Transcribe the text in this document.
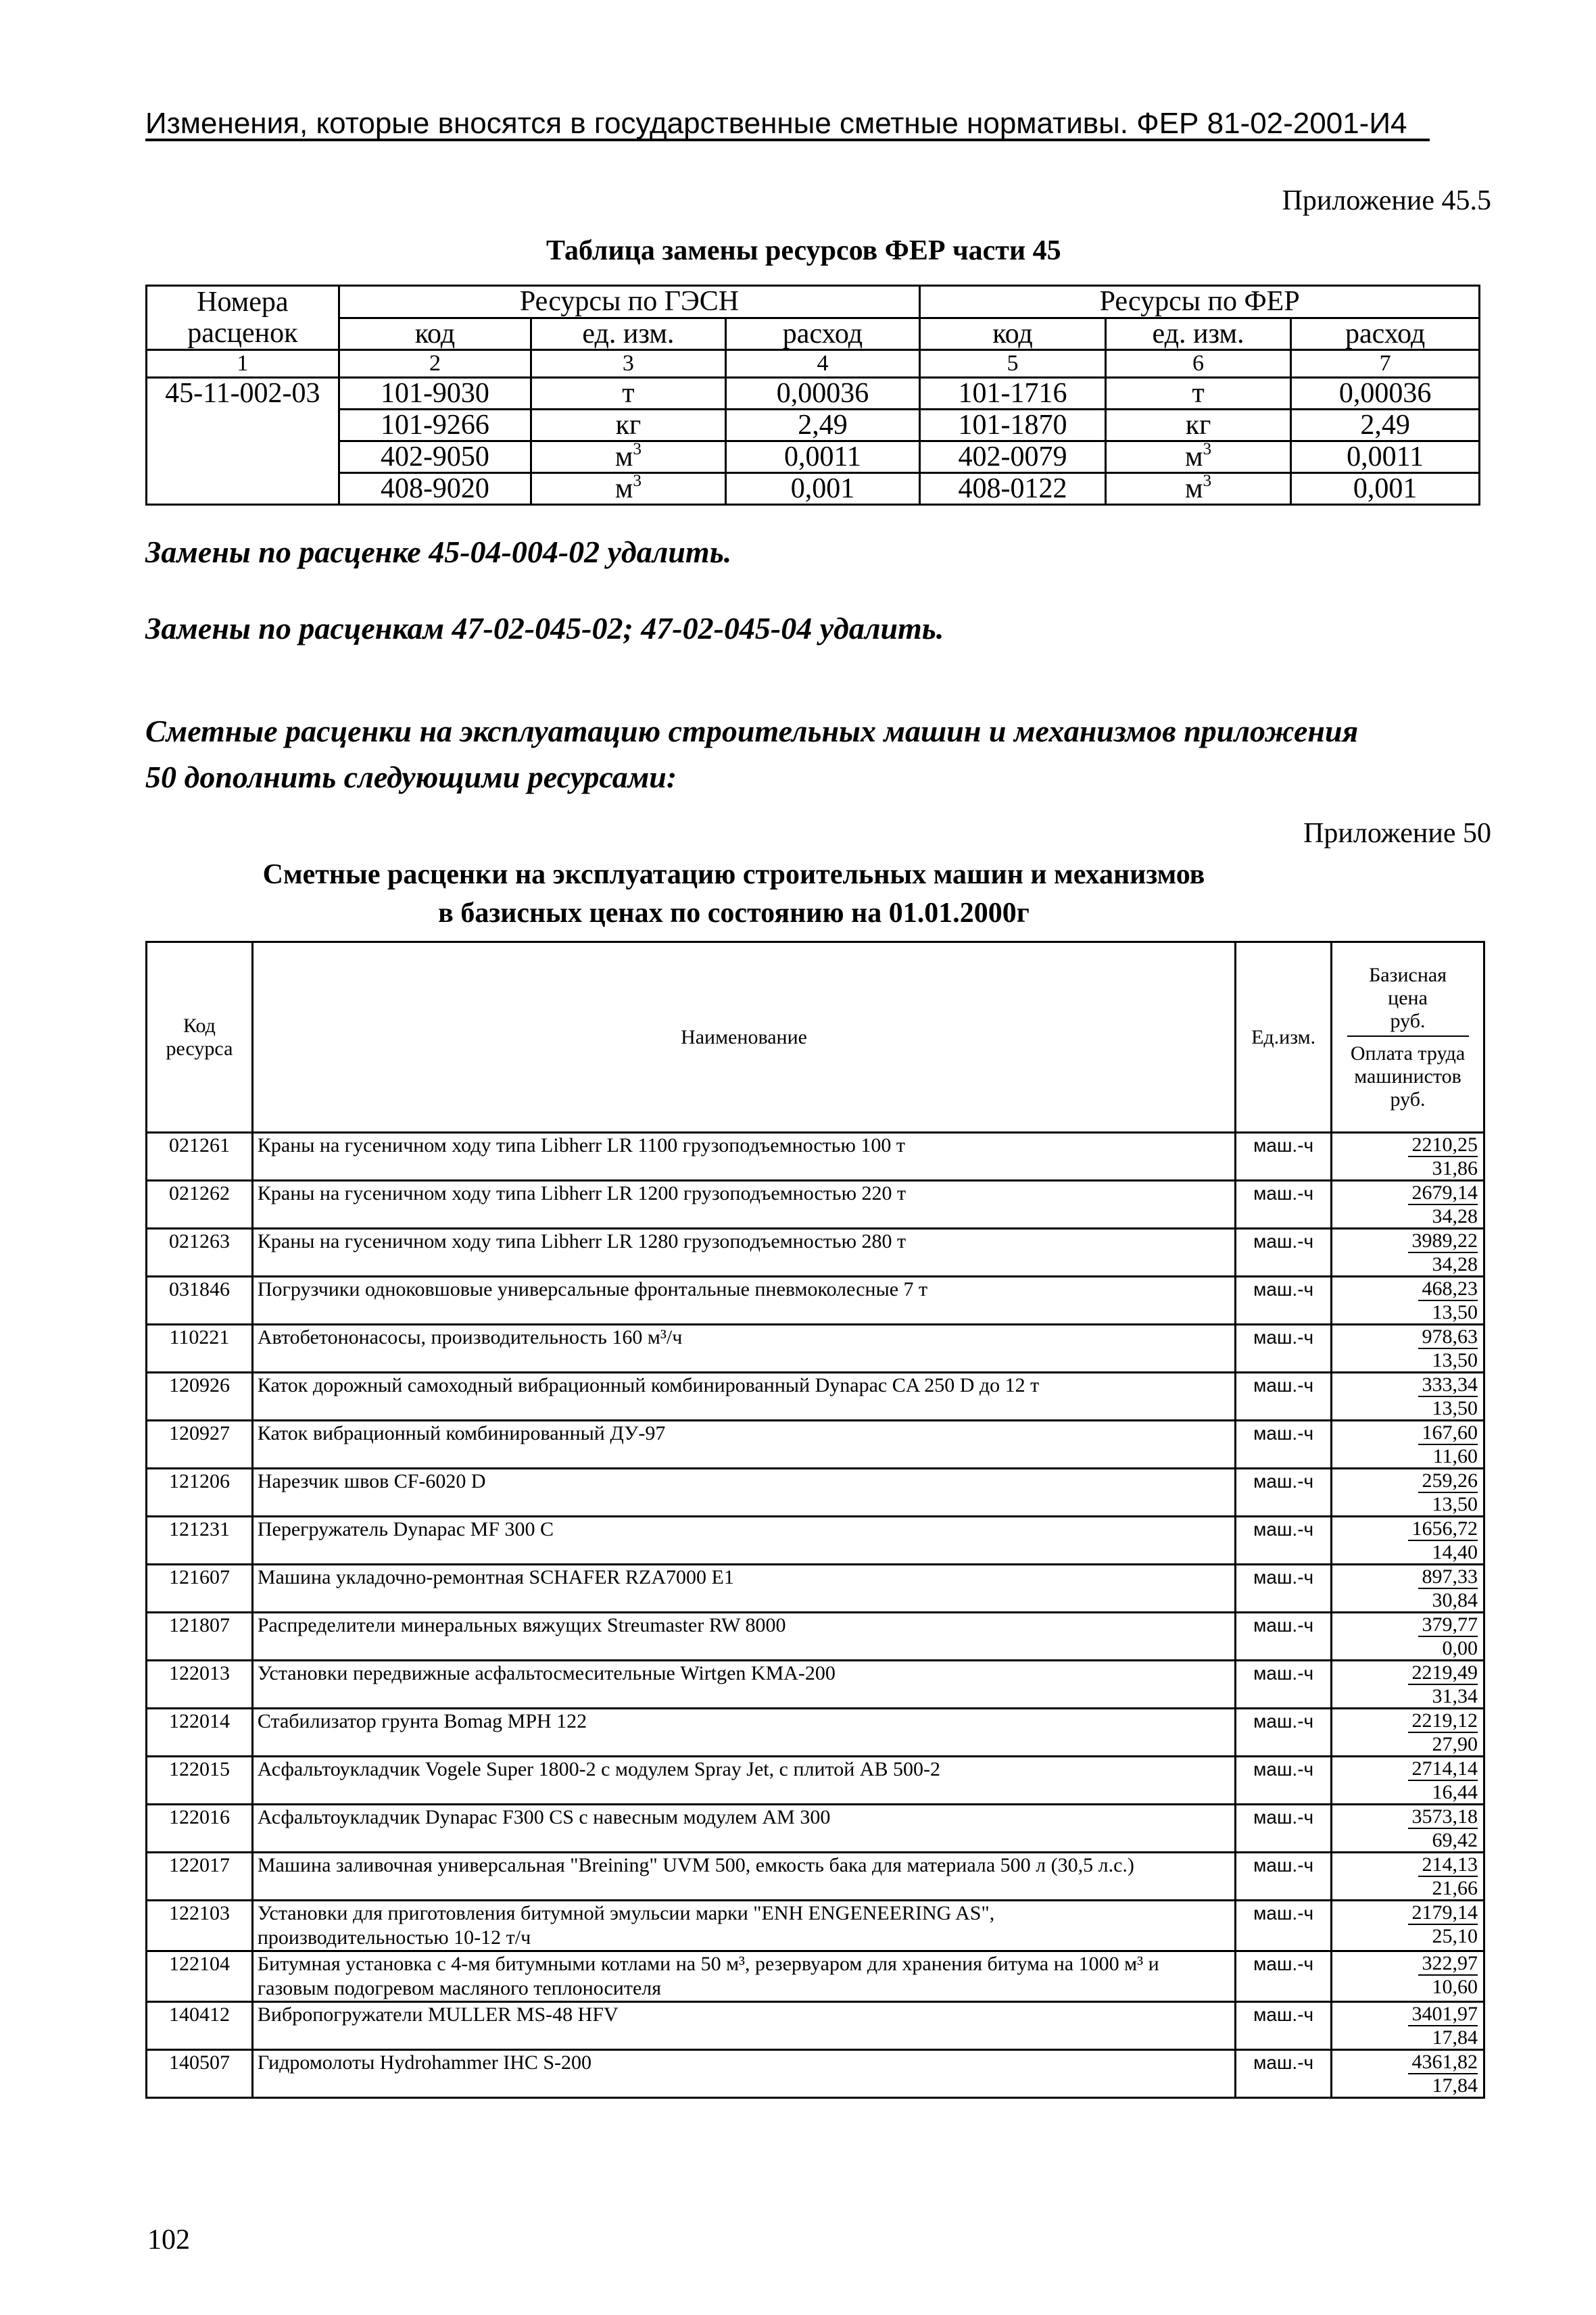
Изменения, которые вносятся в государственные сметные нормативы. ФЕР 81-02-2001-И4
Приложение 45.5
Таблица замены ресурсов ФЕР части 45
Номера расценок	Ресурсы по ГЭСН			Ресурсы по ФЕР		
	код	ед. изм.	расход	код	ед. изм.	расход
1	2	3	4	5	6	7
45-11-002-03	101-9030	т	0,00036	101-1716	т	0,00036
	101-9266	кг	2,49	101-1870	кг	2,49
	402-9050	$м^3$	0,0011	402-0079	$м^3$	0,0011
	408-9020	$м^3$	0,001	408-0122	$м^3$	0,001
Замены по расценке 45-04-004-02 удалить.
Замены по расценкам 47-02-045-02; 47-02-045-04 удалить.
Сметные расценки на эксплуатацию строительных машин и механизмов приложения
50 дополнить следующими ресурсами:
Приложение 50
Сметные расценки на эксплуатацию строительных машин и механизмов
в базисных ценах по состоянию на 01.01.2000г
Код
ресурса
	Наименование	Ед.изм.	
Базисная
цена
руб.
Оплата труда
машинистов
руб.

021261	Краны на гусеничном ходу типа Libherr LR 1100 грузоподъемностью 100 т	маш.-ч	2210,25
31,86

021262	Краны на гусеничном ходу типа Libherr LR 1200 грузоподъемностью 220 т	маш.-ч	2679,14
34,28

021263	Краны на гусеничном ходу типа Libherr LR 1280 грузоподъемностью 280 т	маш.-ч	3989,22
34,28

031846	Погрузчики одноковшовые универсальные фронтальные пневмоколесные 7 т	маш.-ч	468,23
13,50

110221	Автобетононасосы, производительность 160 м³/ч	маш.-ч	978,63
13,50

120926	Каток дорожный самоходный вибрационный комбинированный Dynapac CA 250 D до 12 т	маш.-ч	333,34
13,50

120927	Каток вибрационный комбинированный ДУ-97	маш.-ч	167,60
11,60

121206	Нарезчик швов CF-6020 D	маш.-ч	259,26
13,50

121231	Перегружатель Dynapac MF 300 C	маш.-ч	1656,72
14,40

121607	Машина укладочно-ремонтная SCHAFER RZA7000 E1	маш.-ч	897,33
30,84

121807	Распределители минеральных вяжущих Streumaster RW 8000	маш.-ч	379,77
0,00

122013	Установки передвижные асфальтосмесительные Wirtgen KMA-200	маш.-ч	2219,49
31,34

122014	Стабилизатор грунта Bomag MPH 122	маш.-ч	2219,12
27,90

122015	Асфальтоукладчик Vogele Super 1800-2 с модулем Spray Jet, с плитой AB 500-2	маш.-ч	2714,14
16,44

122016	Асфальтоукладчик Dynapac F300 CS с навесным модулем AM 300	маш.-ч	3573,18
69,42

122017	Машина заливочная универсальная "Breining" UVM 500, емкость бака для материала 500 л (30,5 л.с.)	маш.-ч	214,13
21,66

122103	Установки для приготовления битумной эмульсии марки "ENH ENGENEERING AS",
производительностью 10-12 т/ч
	маш.-ч	2179,14
25,10

122104	Битумная установка с 4-мя битумными котлами на 50 м³, резервуаром для хранения битума на 1000 м³ и
газовым подогревом масляного теплоносителя
	маш.-ч	322,97
10,60

140412	Вибропогружатели MULLER MS-48 HFV	маш.-ч	3401,97
17,84

140507	Гидромолоты Hydrohammer IHC S-200	маш.-ч	4361,82
17,84
102
